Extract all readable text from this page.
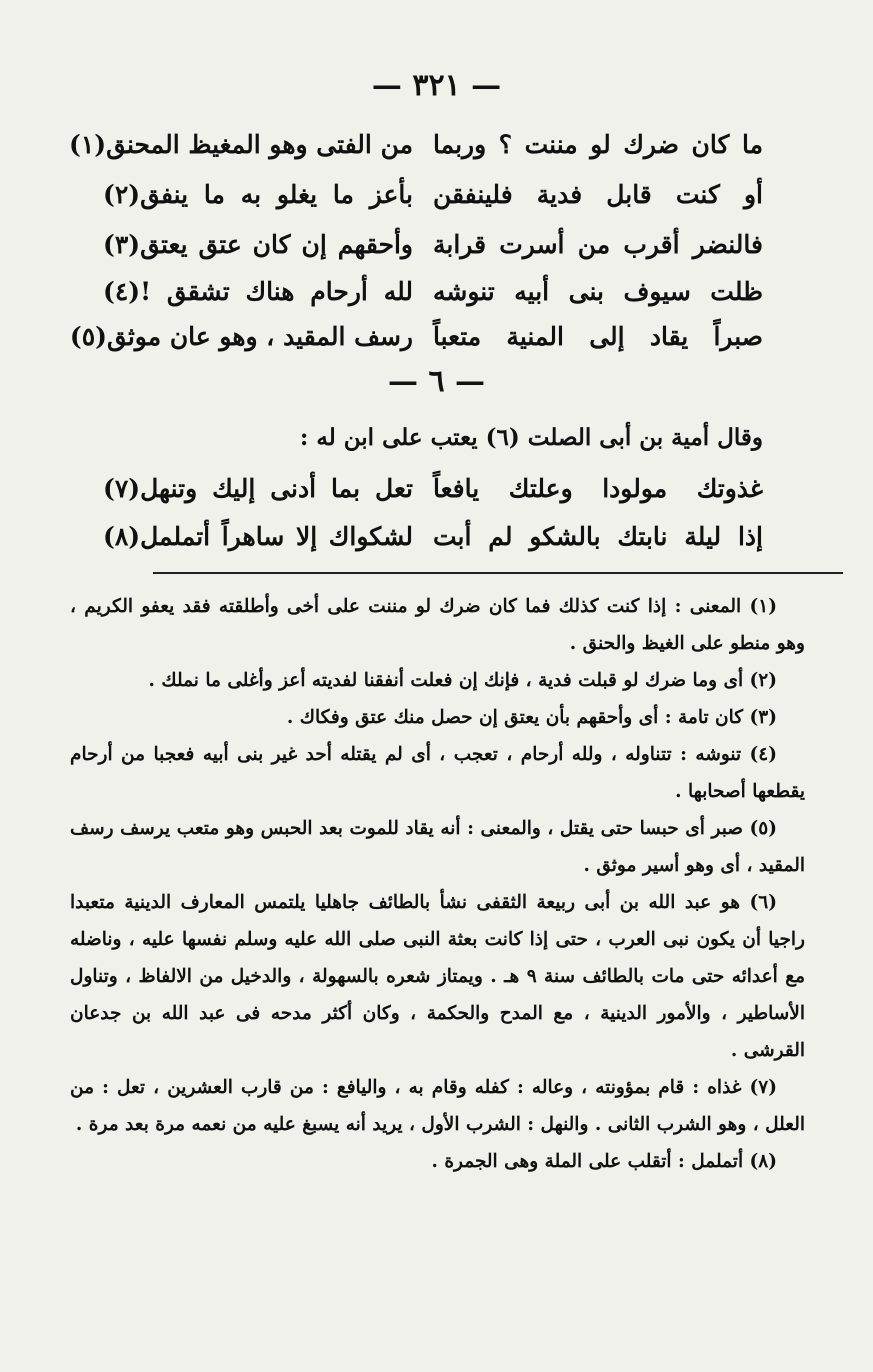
— ٣٢١ —
ما كان ضرك لو مننت ؟ وربما
من الفتى وهو المغيظ المحنق(١)
أو كنت قابل فدية فلينفقن
بأعز ما يغلو به ما ينفق(٢)
فالنضر أقرب من أسرت قرابة
وأحقهم إن كان عتق يعتق(٣)
ظلت سيوف بنى أبيه تنوشه
لله أرحام هناك تشقق !(٤)
صبراً يقاد إلى المنية متعباً
رسف المقيد ، وهو عان موثق(٥)
— ٦ —
وقال أمية بن أبى الصلت (٦) يعتب على ابن له :
غذوتك مولودا وعلتك يافعاً
تعل بما أدنى إليك وتنهل(٧)
إذا ليلة نابتك بالشكو لم أبت
لشكواك إلا ساهراً أتململ(٨)

(١) المعنى : إذا كنت كذلك فما كان ضرك لو مننت على أخى وأطلقته فقد يعفو الكريم ، وهو منطو على الغيظ والحنق .

(٢) أى وما ضرك لو قبلت فدية ، فإنك إن فعلت أنفقنا لفديته أعز وأغلى ما نملك .

(٣) كان تامة : أى وأحقهم بأن يعتق إن حصل منك عتق وفكاك .

(٤) تنوشه : تتناوله ، ولله أرحام ، تعجب ، أى لم يقتله أحد غير بنى أبيه فعجبا من أرحام يقطعها أصحابها .

(٥) صبر أى حبسا حتى يقتل ، والمعنى : أنه يقاد للموت بعد الحبس وهو متعب يرسف رسف المقيد ، أى وهو أسير موثق .

(٦) هو عبد الله بن أبى ربيعة الثقفى نشأ بالطائف جاهليا يلتمس المعارف الدينية متعبدا راجيا أن يكون نبى العرب ، حتى إذا كانت بعثة النبى صلى الله عليه وسلم نفسها عليه ، وناضله مع أعدائه حتى مات بالطائف سنة ٩ هـ . ويمتاز شعره بالسهولة ، والدخيل من الالفاظ ، وتناول الأساطير ، والأمور الدينية ، مع المدح والحكمة ، وكان أكثر مدحه فى عبد الله بن جدعان القرشى .

(٧) غذاه : قام بمؤونته ، وعاله : كفله وقام به ، واليافع : من قارب العشرين ، تعل : من العلل ، وهو الشرب الثانى . والنهل : الشرب الأول ، يريد أنه يسبغ عليه من نعمه مرة بعد مرة .

(٨) أتململ : أتقلب على الملة وهى الجمرة .
